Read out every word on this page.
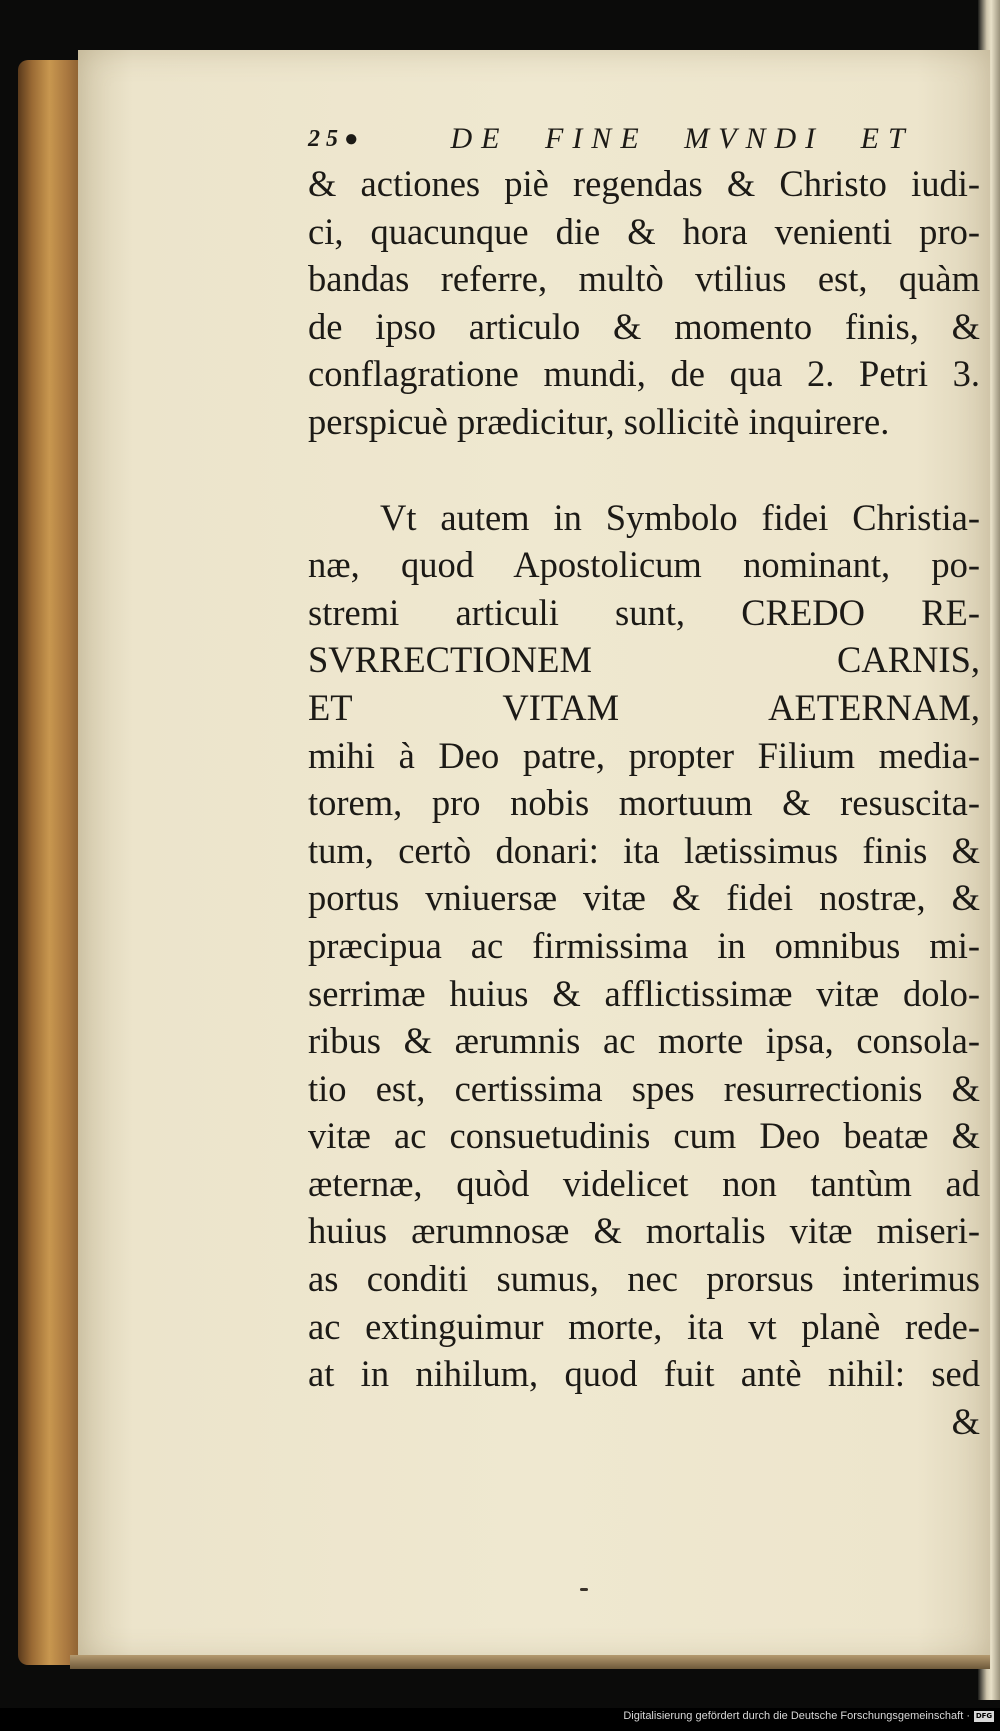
25●	DE FINE MVNDI ET
& actiones piè regendas & Christo iudi-
ci, quacunque die & hora venienti pro-
bandas referre, multò vtilius est, quàm
de ipso articulo & momento finis, &
conflagratione mundi, de qua 2. Petri 3.
perspicuè prædicitur, sollicitè inquirere.
Vt autem in Symbolo fidei Christia-
næ, quod Apostolicum nominant, po-
stremi articuli sunt, CREDO RE-
SVRRECTIONEM CARNIS,
ET VITAM AETERNAM,
mihi à Deo patre, propter Filium media-
torem, pro nobis mortuum & resuscita-
tum, certò donari: ita lætissimus finis &
portus vniuersæ vitæ & fidei nostræ, &
præcipua ac firmissima in omnibus mi-
serrimæ huius & afflictissimæ vitæ dolo-
ribus & ærumnis ac morte ipsa, consola-
tio est, certissima spes resurrectionis &
vitæ ac consuetudinis cum Deo beatæ &
æternæ, quòd videlicet non tantùm ad
huius ærumnosæ & mortalis vitæ miseri-
as conditi sumus, nec prorsus interimus
ac extinguimur morte, ita vt planè rede-
at in nihilum, quod fuit antè nihil: sed
&
Digitalisierung gefördert durch die Deutsche Forschungsgemeinschaft · DFG
